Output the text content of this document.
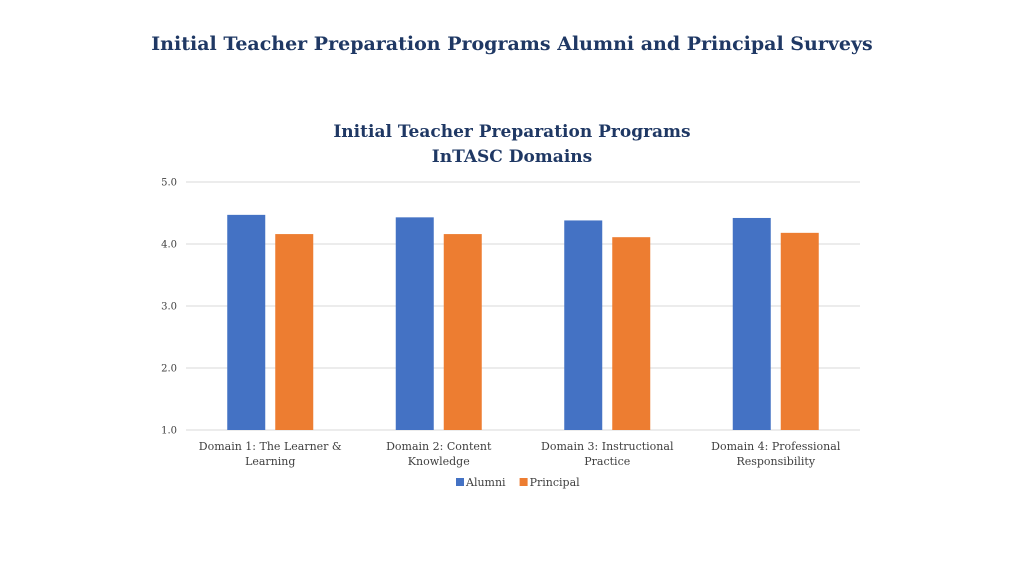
Initial Teacher Preparation Programs Alumni and Principal Surveys
Initial Teacher Preparation Programs
InTASC Domains
1.0
2.0
3.0
4.0
5.0
Domain 1: The Learner &
Learning
Domain 2: Content
Knowledge
Domain 3: Instructional
Practice
Domain 4: Professional
Responsibility
Alumni Principal
